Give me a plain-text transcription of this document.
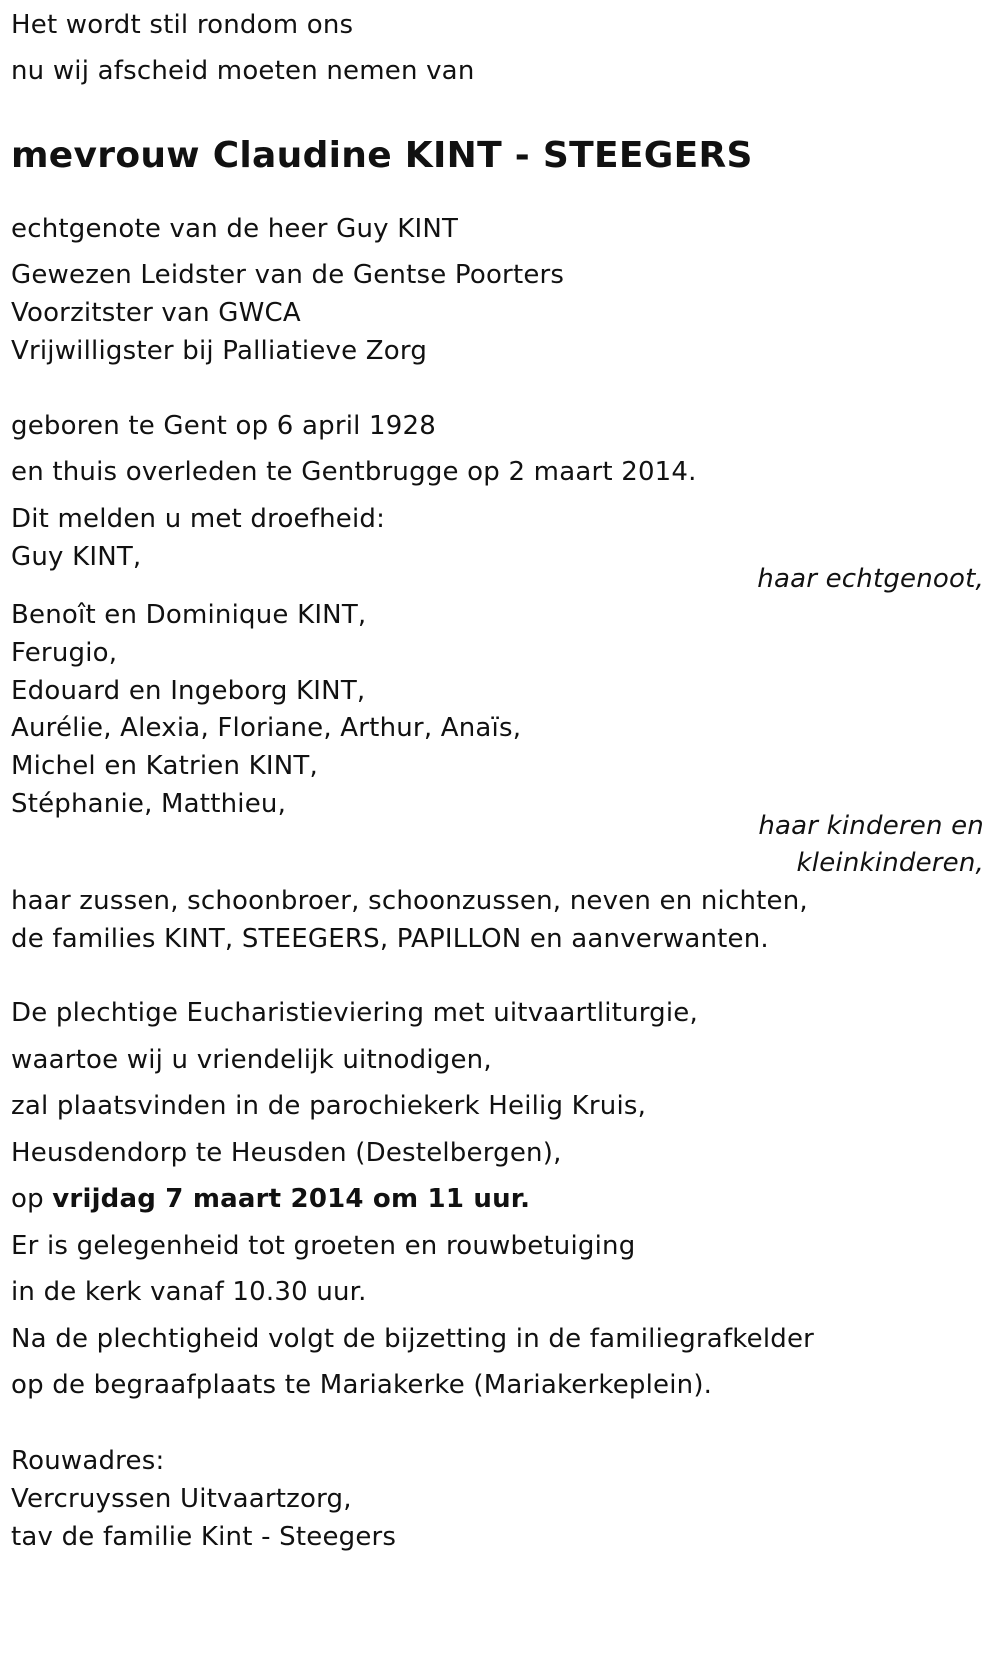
Het wordt stil rondom ons
nu wij afscheid moeten nemen van
mevrouw Claudine KINT - STEEGERS
echtgenote van de heer Guy KINT
Gewezen Leidster van de Gentse Poorters
Voorzitster van GWCA
Vrijwilligster bij Palliatieve Zorg
geboren te Gent op 6 april 1928
en thuis overleden te Gentbrugge op 2 maart 2014.
Dit melden u met droefheid:
Guy KINT,
haar echtgenoot,
Benoît en Dominique KINT,
Ferugio,
Edouard en Ingeborg KINT,
Aurélie, Alexia, Floriane, Arthur, Anaïs,
Michel en Katrien KINT,
Stéphanie, Matthieu,
haar kinderen en
kleinkinderen,
haar zussen, schoonbroer, schoonzussen, neven en nichten,
de families KINT, STEEGERS, PAPILLON en aanverwanten.
De plechtige Eucharistieviering met uitvaartliturgie,
waartoe wij u vriendelijk uitnodigen,
zal plaatsvinden in de parochiekerk Heilig Kruis,
Heusdendorp te Heusden (Destelbergen),
op vrijdag 7 maart 2014 om 11 uur.
Er is gelegenheid tot groeten en rouwbetuiging
in de kerk vanaf 10.30 uur.
Na de plechtigheid volgt de bijzetting in de familiegrafkelder
op de begraafplaats te Mariakerke (Mariakerkeplein).
Rouwadres:
Vercruyssen Uitvaartzorg,
tav de familie Kint - Steegers
